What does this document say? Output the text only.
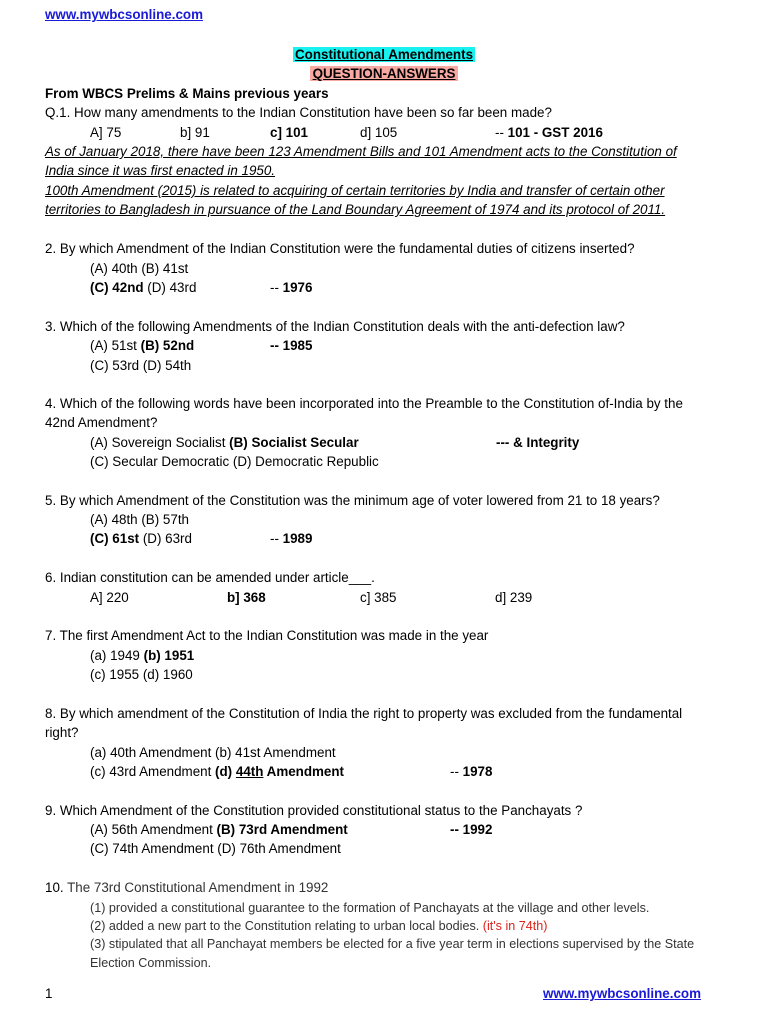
www.mywbcsonline.com
Constitutional Amendments
QUESTION-ANSWERS
From WBCS Prelims & Mains previous years
Q.1. How many amendments to the Indian Constitution have been so far been made?
A] 75	b] 91	c] 101	d] 105	-- 101 - GST 2016
As of January 2018, there have been 123 Amendment Bills and 101 Amendment acts to the Constitution of
India since it was first enacted in 1950.
100th Amendment (2015) is related to acquiring of certain territories by India and transfer of certain other
territories to Bangladesh in pursuance of the Land Boundary Agreement of 1974 and its protocol of 2011.
2. By which Amendment of the Indian Constitution were the fundamental duties of citizens inserted?
(A) 40th (B) 41st
(C) 42nd (D) 43rd	-- 1976
3. Which of the following Amendments of the Indian Constitution deals with the anti-defection law?
(A) 51st (B) 52nd	-- 1985
(C) 53rd (D) 54th
4. Which of the following words have been incorporated into the Preamble to the Constitution of-India by the
42nd Amendment?
(A) Sovereign Socialist (B) Socialist Secular	--- & Integrity
(C) Secular Democratic (D) Democratic Republic
5. By which Amendment of the Constitution was the minimum age of voter lowered from 21 to 18 years?
(A) 48th (B) 57th
(C) 61st (D) 63rd	-- 1989
6. Indian constitution can be amended under article___.
A] 220	b] 368	c] 385	d] 239
7. The first Amendment Act to the Indian Constitution was made in the year
(a) 1949 (b) 1951
(c) 1955 (d) 1960
8. By which amendment of the Constitution of India the right to property was excluded from the fundamental
right?
(a) 40th Amendment (b) 41st Amendment
(c) 43rd Amendment (d) 44th Amendment	-- 1978
9. Which Amendment of the Constitution provided constitutional status to the Panchayats ?
(A) 56th Amendment (B) 73rd Amendment	-- 1992
(C) 74th Amendment (D) 76th Amendment
10. The 73rd Constitutional Amendment in 1992
(1) provided a constitutional guarantee to the formation of Panchayats at the village and other levels.
(2) added a new part to the Constitution relating to urban local bodies. (it's in 74th)
(3) stipulated that all Panchayat members be elected for a five year term in elections supervised by the State
Election Commission.
1	www.mywbcsonline.com
